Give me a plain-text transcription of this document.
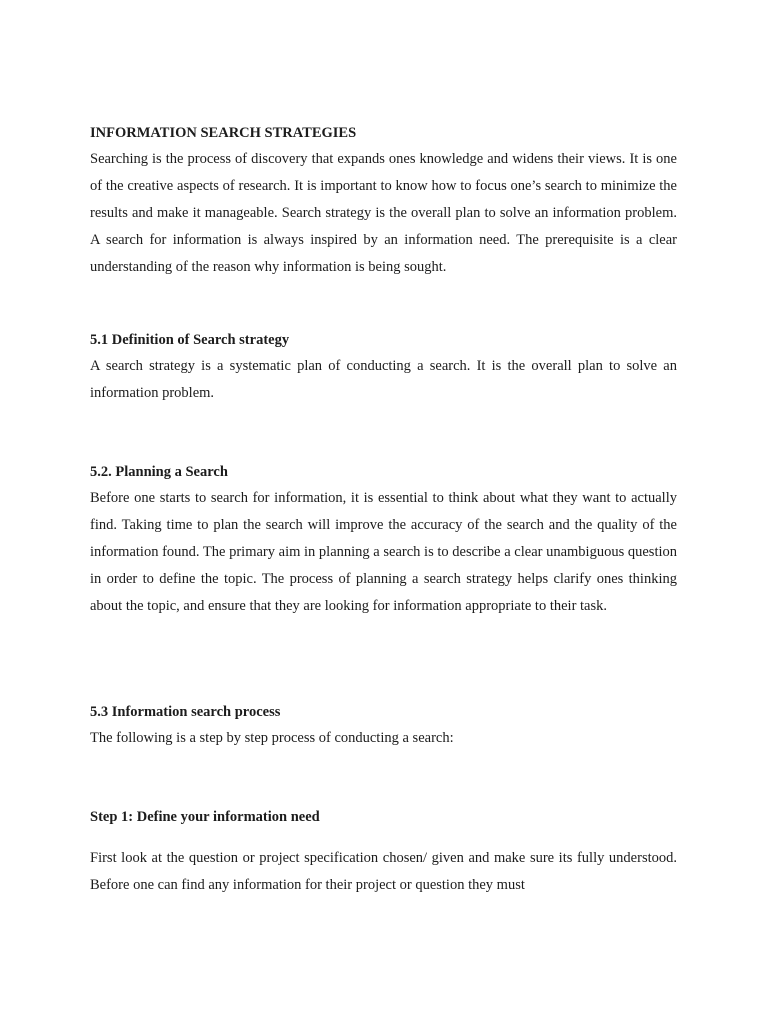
INFORMATION SEARCH STRATEGIES

Searching is the process of discovery that expands ones knowledge and widens their views. It is one of the creative aspects of research. It is important to know how to focus one’s search to minimize the results and make it manageable. Search strategy is the overall plan to solve an information problem. A search for information is always inspired by an information need. The prerequisite is a clear understanding of the reason why information is being sought.

5.1 Definition of Search strategy

A search strategy is a systematic plan of conducting a search. It is the overall plan to solve an information problem.

5.2. Planning a Search

Before one starts to search for information, it is essential to think about what they want to actually find. Taking time to plan the search will improve the accuracy of the search and the quality of the information found. The primary aim in planning a search is to describe a clear unambiguous question in order to define the topic. The process of planning a search strategy helps clarify ones thinking about the topic, and ensure that they are looking for information appropriate to their task.

5.3 Information search process

The following is a step by step process of conducting a search:

Step 1: Define your information need

First look at the question or project specification chosen/ given and make sure its fully understood. Before one can find any information for their project or question they must
